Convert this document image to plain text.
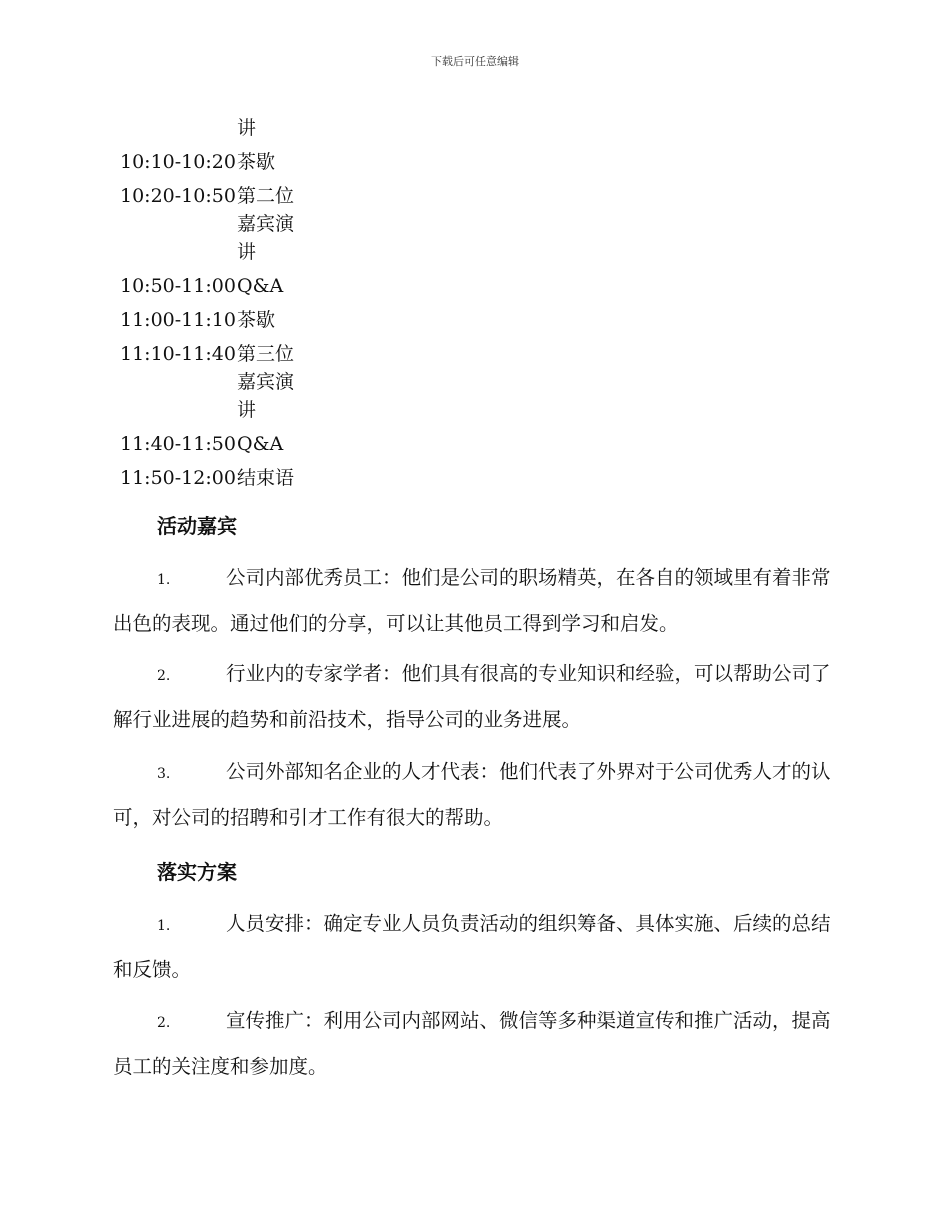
下载后可任意编辑
讲
10:10-10:20 茶歇
10:20-10:50 第二位
嘉宾演
讲
10:50-11:00 Q&A
11:00-11:10 茶歇
11:10-11:40 第三位
嘉宾演
讲
11:40-11:50 Q&A
11:50-12:00 结束语
活动嘉宾
1.	公司内部优秀员工：他们是公司的职场精英，在各自的领域里有着非常出色的表现。通过他们的分享，可以让其他员工得到学习和启发。
2.	行业内的专家学者：他们具有很高的专业知识和经验，可以帮助公司了解行业进展的趋势和前沿技术，指导公司的业务进展。
3.	公司外部知名企业的人才代表：他们代表了外界对于公司优秀人才的认可，对公司的招聘和引才工作有很大的帮助。
落实方案
1.	人员安排：确定专业人员负责活动的组织筹备、具体实施、后续的总结和反馈。
2.	宣传推广：利用公司内部网站、微信等多种渠道宣传和推广活动，提高员工的关注度和参加度。
